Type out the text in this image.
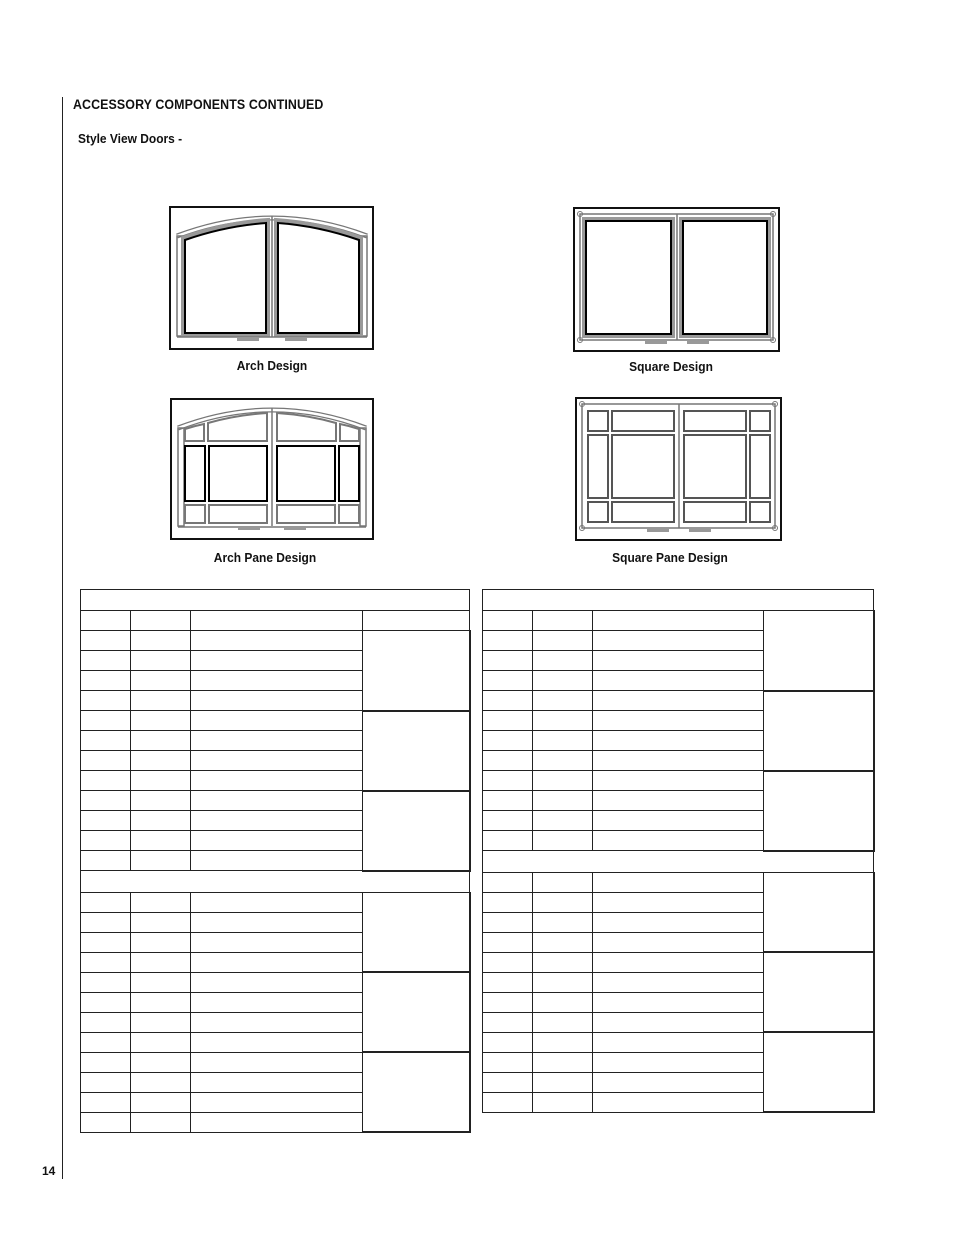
ACCESSORY COMPONENTS CONTINUED
Style View Doors -
Arch Design	Square Design
Arch Pane Design	Square Pane Design

14
